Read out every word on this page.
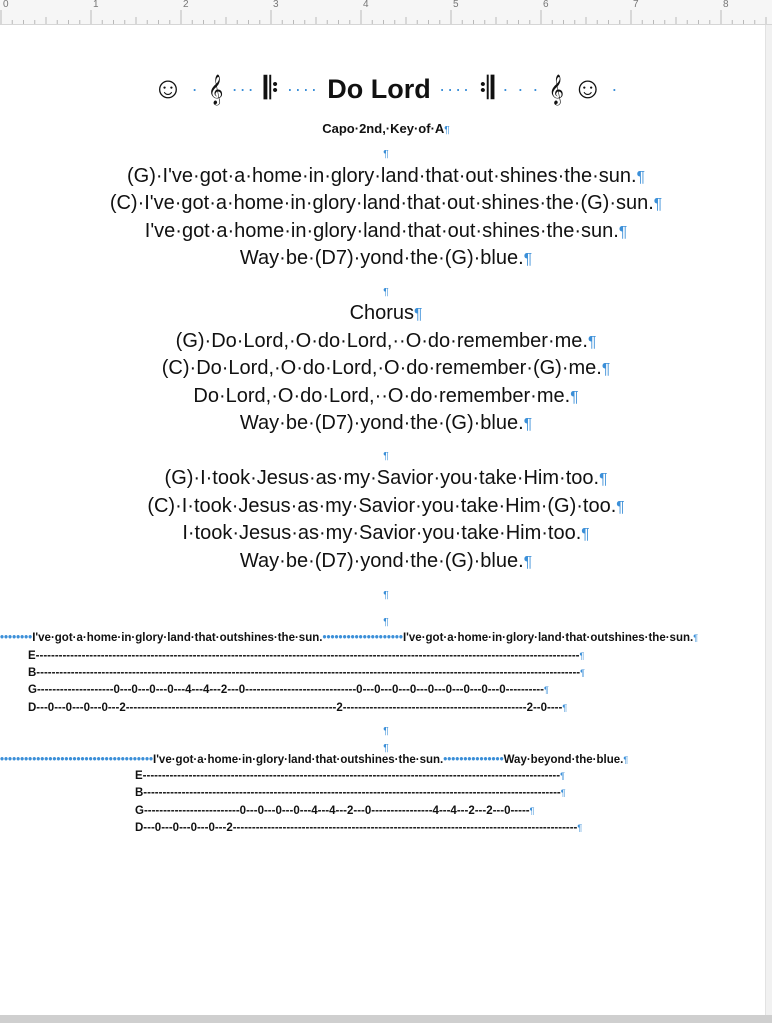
0	1	2	3	4	5	6	7	8
☺ · 𝄞 ··· 𝄆 ···· Do Lord ···· 𝄇 · · · 𝄞 ☺ ·
Capo·2nd,·Key·of·A¶
¶
(G)·I've·got·a·home·in·glory·land·that·out·shines·the·sun.¶
(C)·I've·got·a·home·in·glory·land·that·out·shines·the·(G)·sun.¶
I've·got·a·home·in·glory·land·that·out·shines·the·sun.¶
Way·be·(D7)·yond·the·(G)·blue.¶
¶
Chorus¶
(G)·Do·Lord,·O·do·Lord,··O·do·remember·me.¶
(C)·Do·Lord,·O·do·Lord,·O·do·remember·(G)·me.¶
Do·Lord,·O·do·Lord,··O·do·remember·me.¶
Way·be·(D7)·yond·the·(G)·blue.¶
¶
(G)·I·took·Jesus·as·my·Savior·you·take·Him·too.¶
(C)·I·took·Jesus·as·my·Savior·you·take·Him·(G)·too.¶
I·took·Jesus·as·my·Savior·you·take·Him·too.¶
Way·be·(D7)·yond·the·(G)·blue.¶
¶
¶
••••••••I've·got·a·home·in·glory·land·that·outshines·the·sun.••••••••••••••••••••I've·got·a·home·in·glory·land·that·outshines·the·sun.¶
E----------------------------------------------------------------------------------------------------------------------------------------------¶
B----------------------------------------------------------------------------------------------------------------------------------------------¶
G--------------------0---0---0---0---4---4---2---0-----------------------------0---0---0---0---0---0---0---0---0----------¶
D---0---0---0---0---2-------------------------------------------------------2------------------------------------------------2--0----¶
¶
¶
••••••••••••••••••••••••••••••••••••••I've·got·a·home·in·glory·land·that·outshines·the·sun.•••••••••••••••Way·beyond·the·blue.¶
E-------------------------------------------------------------------------------------------------------------¶
B-------------------------------------------------------------------------------------------------------------¶
G-------------------------0---0---0---0---4---4---2---0----------------4---4---2---2---0-----¶
D---0---0---0---0---2------------------------------------------------------------------------------------------¶
